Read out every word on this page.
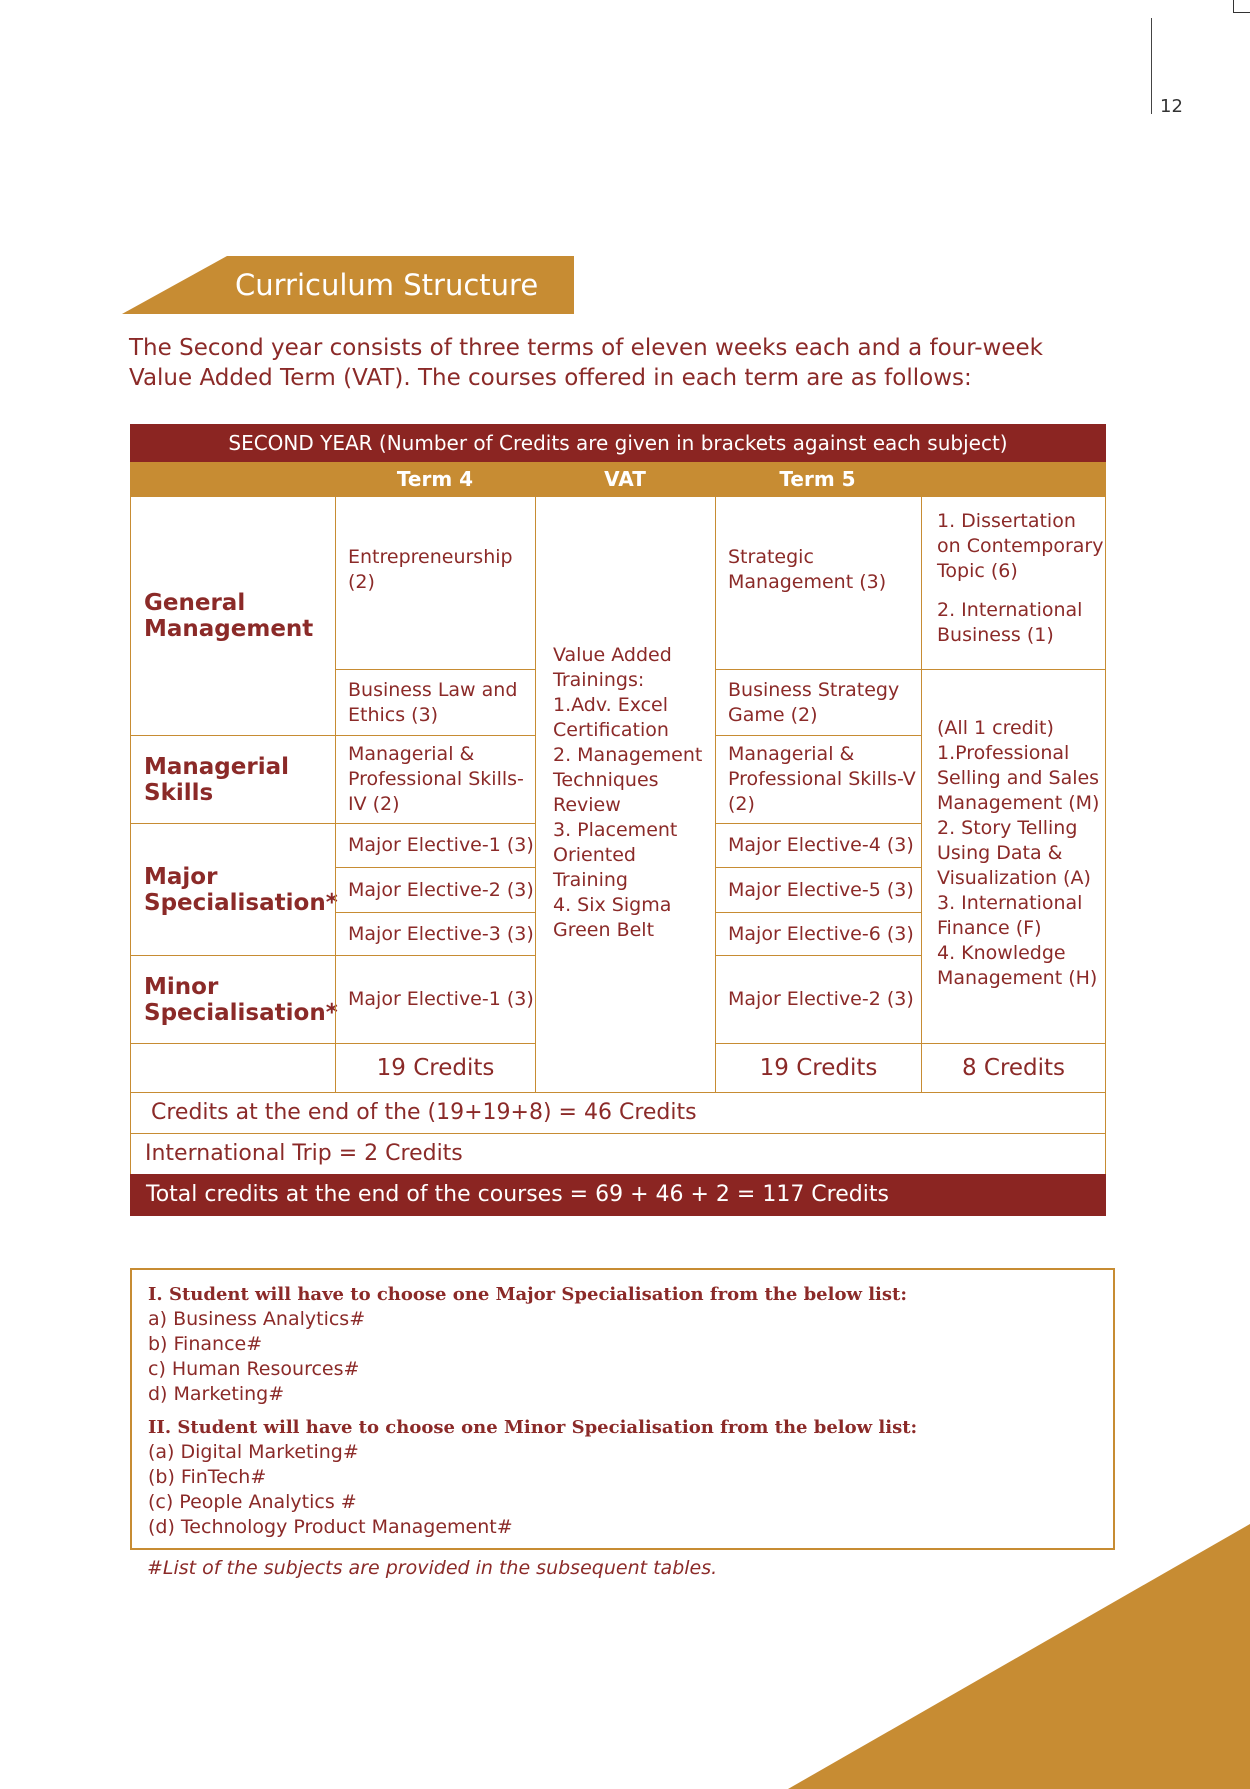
12
Curriculum Structure
The Second year consists of three terms of eleven weeks each and a four-week
Value Added Term (VAT). The courses offered in each term are as follows:
SECOND YEAR (Number of Credits are given in brackets against each subject)
Term 4	VAT	Term 5
General Management
Managerial Skills
Major Specialisation*
Minor Specialisation*
Entrepreneurship (2)
Business Law and Ethics (3)
Managerial & Professional Skills-IV (2)
Major Elective-1 (3)
Major Elective-2 (3)
Major Elective-3 (3)
Major Elective-1 (3)
19 Credits
Value Added
Trainings:
1.Adv. Excel
Certification
2. Management
Techniques
Review
3. Placement
Oriented
Training
4. Six Sigma
Green Belt
Strategic Management (3)
Business Strategy Game (2)
Managerial & Professional Skills-V (2)
Major Elective-4 (3)
Major Elective-5 (3)
Major Elective-6 (3)
Major Elective-2 (3)
19 Credits
1. Dissertation on Contemporary Topic (6)
2. International Business (1)
(All 1 credit)
1.Professional Selling and Sales Management (M)
2. Story Telling Using Data & Visualization (A)
3. International Finance (F)
4. Knowledge Management (H)
8 Credits
Credits at the end of the (19+19+8) = 46 Credits
International Trip = 2 Credits
Total credits at the end of the courses = 69 + 46 + 2 = 117 Credits
I. Student will have to choose one Major Specialisation from the below list:
a) Business Analytics#
b) Finance#
c) Human Resources#
d) Marketing#
II. Student will have to choose one Minor Specialisation from the below list:
(a) Digital Marketing#
(b) FinTech#
(c) People Analytics #
(d) Technology Product Management#
#List of the subjects are provided in the subsequent tables.
